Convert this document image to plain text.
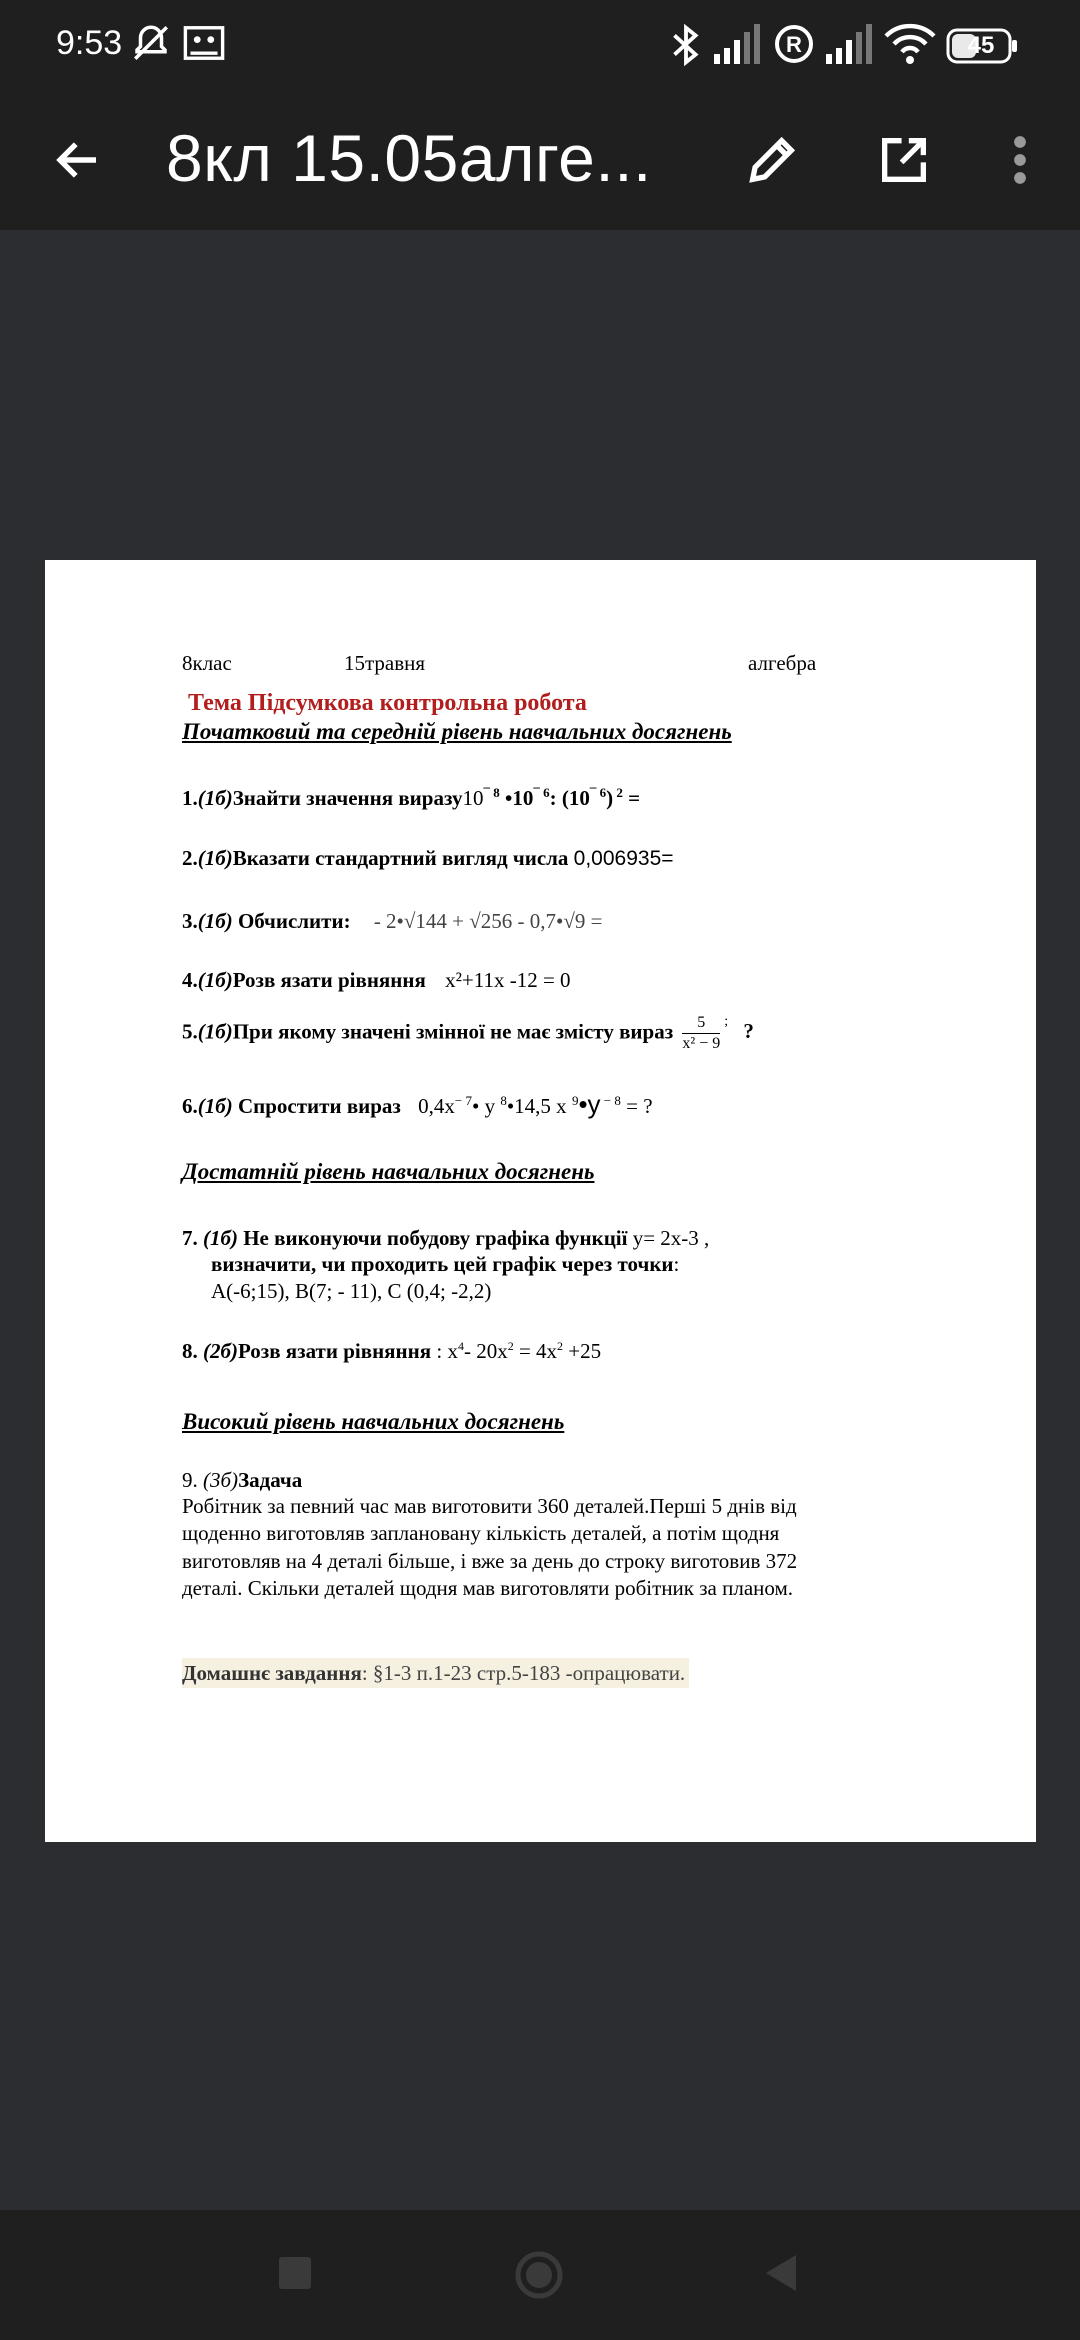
9:53	R	45
8кл 15.05алге...
8клас	15травня	алгебра
Тема Підсумкова контрольна робота
Початковий та середній рівень навчальних досягнень
1.(1б)Знайти значення $виразу10^{¯ 8}$ $•10^{¯ 6}$: $(10^{¯ 6}) ^2$ =
2.(1б)Вказати стандартний вигляд числа 0,006935=
3.(1б) Обчислити: - 2•√144 + √256 - 0,7•√9 =
4.(1б)Розв язати рівняння x²+11x -12 = 0
5.(1б)При якому значені змінної не має змісту вираз $\frac{5}{\text{x² − 9}} ^;$ ?
6.(1б) Спростити вираз $0,4x^{- 7}•$ y $^8$•14,5 x $^9$•y $^{- 8}$ = ?
Достатній рівень навчальних досягнень
7. (1б) Не виконуючи побудову графіка функції y= 2x-3 ,
визначити, чи проходить цей графік через точки:
А(-6;15), В(7; - 11), С (0,4; -2,2)
8. (2б)Розв язати рівняння : $x^4-$ $20x^2 = 4x^2 +25$
Високий рівень навчальних досягнень
9. (3б)Задача
Робітник за певний час мав виготовити 360 деталей.Перші 5 днів від щоденно виготовляв заплановану кількість деталей, а потім щодня виготовляв на 4 деталі більше, і вже за день до строку виготовив 372 деталі. Скільки деталей щодня мав виготовляти робітник за планом.
Домашнє завдання: §1-3 п.1-23 стр.5-183 -опрацювати.
